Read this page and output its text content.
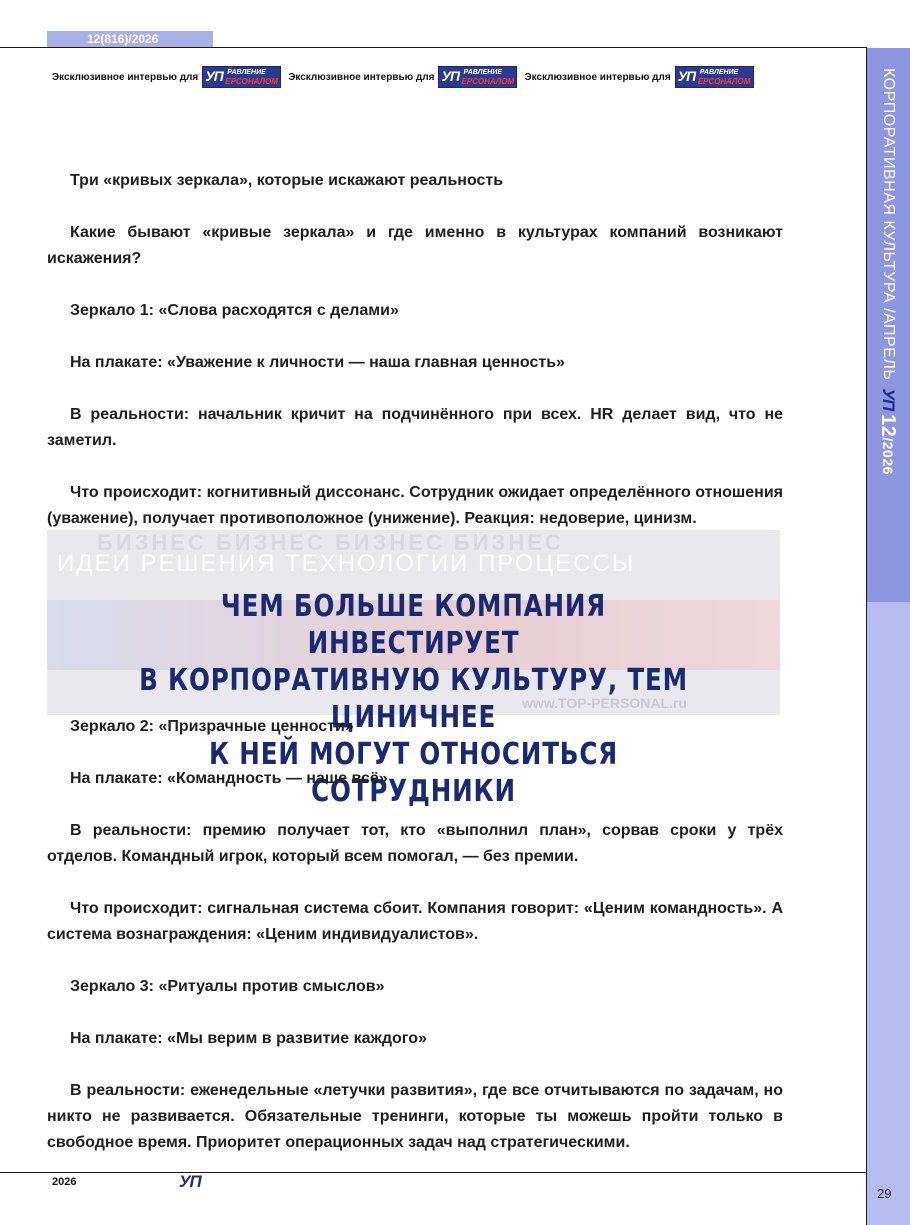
12(816)/2026
Эксклюзивное интервью для УП РАВЛЕНИЕ
ЕРСОНАЛОМ Эксклюзивное интервью для УП РАВЛЕНИЕ
ЕРСОНАЛОМ Эксклюзивное интервью для УП РАВЛЕНИЕ
ЕРСОНАЛОМ	КОРПОРАТИВНАЯ КУЛЬТУРА /АПРЕЛЬ
УП
12
/2026

Три «кривых зеркала», которые искажают реальность

Какие бывают «кривые зеркала» и где именно в культурах компаний возникают искажения?

Зеркало 1: «Слова расходятся с делами»

На плакате: «Уважение к личности — наша главная ценность»

В реальности: начальник кричит на подчинённого при всех. HR делает вид, что не заметил.

Что происходит: когнитивный диссонанс. Сотрудник ожидает определённого отношения (уважение), получает противоположное (унижение). Реакция: недоверие, цинизм.

БИЗНЕС БИЗНЕС БИЗНЕС БИЗНЕС
ИДЕИ РЕШЕНИЯ ТЕХНОЛОГИИ ПРОЦЕССЫ
www.TOP-PERSONAL.ru
ЧЕМ БОЛЬШЕ КОМПАНИЯ ИНВЕСТИРУЕТ
В КОРПОРАТИВНУЮ КУЛЬТУРУ, ТЕМ ЦИНИЧНЕЕ
К НЕЙ МОГУТ ОТНОСИТЬСЯ СОТРУДНИКИ

Зеркало 2: «Призрачные ценности»

На плакате: «Командность — наше всё»

В реальности: премию получает тот, кто «выполнил план», сорвав сроки у трёх отделов. Командный игрок, который всем помогал, — без премии.

Что происходит: сигнальная система сбоит. Компания говорит: «Ценим командность». А система вознаграждения: «Ценим индивидуалистов».

Зеркало 3: «Ритуалы против смыслов»

На плакате: «Мы верим в развитие каждого»

В реальности: еженедельные «летучки развития», где все отчитываются по задачам, но никто не развивается. Обязательные тренинги, которые ты можешь пройти только в свободное время. Приоритет операционных задач над стратегическими.

2026	УП
29
